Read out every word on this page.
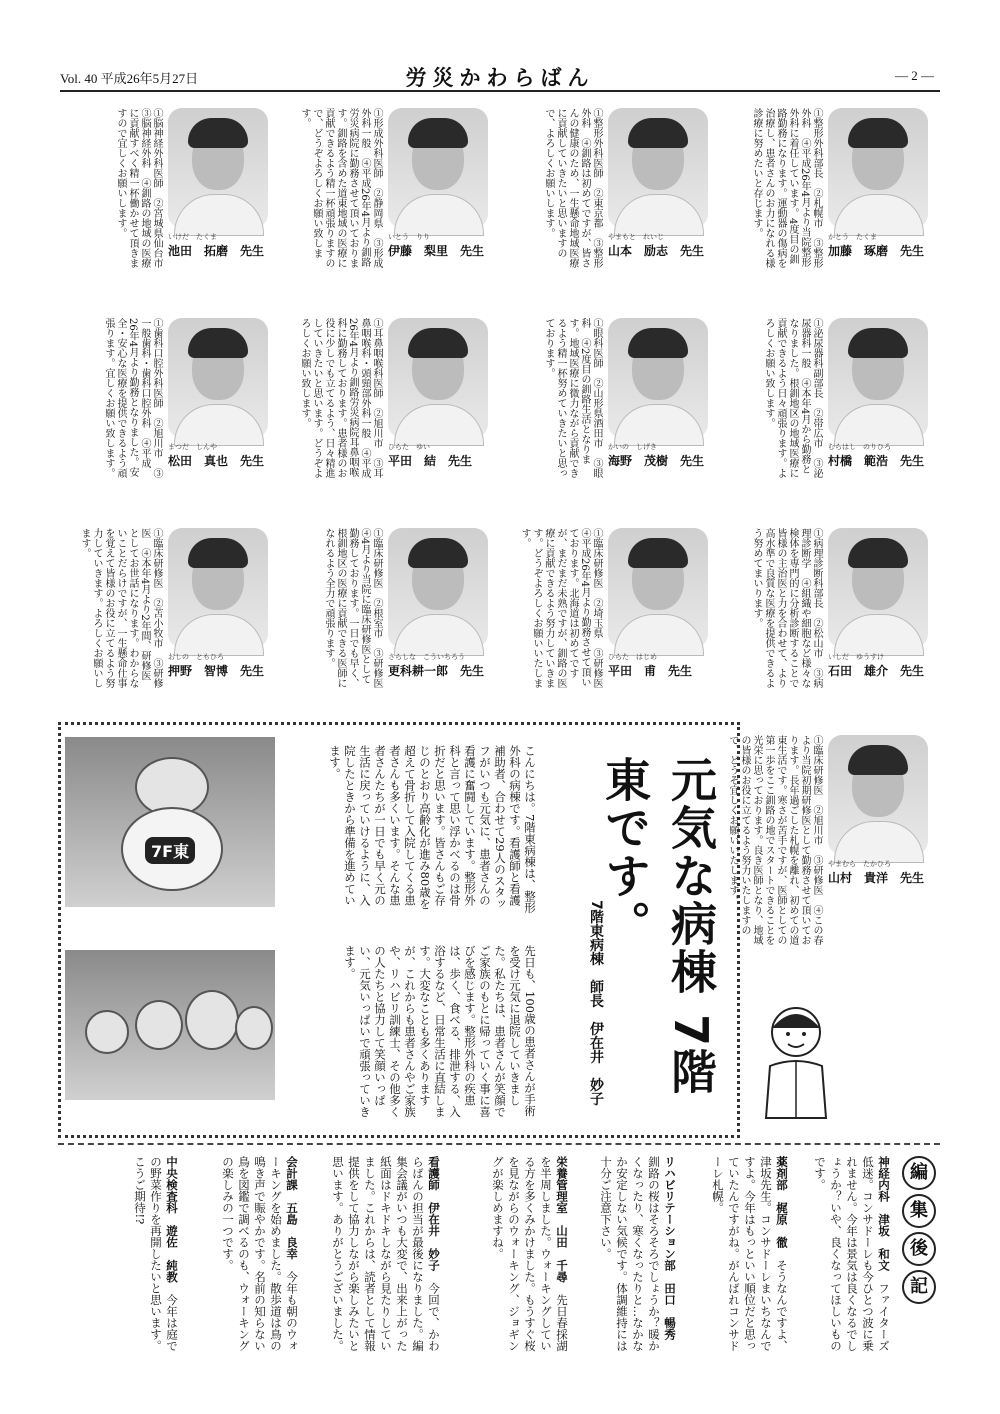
Vol. 40 平成26年5月27日	労災かわらばん	— 2 —
かとう　たくま
加藤　琢磨　先生
①整形外科部長　②札幌市　③整形外科　④平成26年4月より当院整形外科に着任しています。4度目の釧路勤務になります。運動器の傷病を治療し、患者さんのお力になれる様診療に努めたいと存じます。
やまもと　れいじ
山本　励志　先生
①整形外科医師　②東京都　③整形外科　④釧路は初めてですが、皆さんの健康のため、一生懸命地域医療に貢献していきたいと思いますので、よろしくお願いします。
いとう　りり
伊藤　梨里　先生
①形成外科医師　②静岡県　③形成外科一般　④平成26年4月より釧路労災病院に勤務させて頂いております。釧路を含めた道東地域の医療に貢献できるよう精一杯頑張りますので、どうぞよろしくお願い致します。
いけだ　たくま
池田　拓磨　先生
①脳神経外科医師　②宮城県仙台市　③脳神経外科　④釧路の地域の医療に貢献すべく精一杯働かせて頂きますので宜しくお願いします。
むらはし　のりひろ
村橋　範浩　先生
①泌尿器科副部長　②帯広市　③泌尿器科一般　④本年4月から勤務となりました。根釧地区の地域医療に貢献できるよう日々頑張ります。よろしくお願い致します。
かいの　しげき
海野　茂樹　先生
①眼科医師　②山形県酒田市　③眼科　④2度目の釧路生活となります。地域医療に微力ながら貢献できるよう精一杯努めていきたいと思っております。
ひらた　ゆい
平田　結　先生
①耳鼻咽喉科医師　②旭川市　③耳鼻咽喉科・頭頸部外科一般　④平成26年4月より釧路労災病院耳鼻咽喉科に勤務しております。患者様のお役に少しでも立てるよう、日々精進していきたいと思います。どうぞよろしくお願い致します。
まつだ　しんや
松田　真也　先生
①歯科口腔外科医師　②旭川市　③一般歯科・歯科口腔外科　④平成26年4月より勤務となりました。安全・安心な医療を提供できるよう頑張ります。宜しくお願い致します。
いしだ　ゆうすけ
石田　雄介　先生
①病理診断科部長　②松山市　③病理診断学　④組織や細胞など様々な検体を専門的に分析診断することで皆様の主治医と力を合わせて、より高水準で良質な医療を提供できるよう努めてまいります。
ひらた　はじめ
平田　甫　先生
①臨床研修医　②埼玉県　③研修医　④平成26年4月より勤務させて頂いております。北海道は初めてですが、まだまだ未熟ですが、釧路の医療に貢献できるよう努力していきます。どうぞよろしくお願いいたします。
さらしな　こういちろう
更科耕一郎　先生
①臨床研修医　②根室市　③研修医　④4月より当院に臨床研修医として勤務しております。一日でも早く、根釧地区の医療に貢献できる医師になれるよう全力で頑張ります。
おしの　ともひろ
押野　智博　先生
①臨床研修医　②苫小牧市　③研修医　④本年4月より2年間、研修医としてお世話になります。わからないことだらけですが、一生懸命仕事を覚えて皆様のお役に立てるよう努力していきます。よろしくお願いします。
やまむら　たかひろ
山村　貴洋　先生
①臨床研修医　②旭川市　③研修医　④この春より当院初期研修医として勤務させて頂いております。長年過ごした札幌を離れ、初めての道東生活です。寒さが苦手ですが、医師としての第一歩をここ釧路の地でスタートできることを光栄に思っております。良き医師となり、地域の皆様のお役に立てるよう努力いたしますので、どうぞ宜しくお願いいたします。
7F東	こんにちは。7階東病棟は、整形外科の病棟です。看護師と看護補助者、合わせて29人のスタッフがいつも元気に、患者さんの看護に奮闘しています。整形外科と言って思い浮かべるのは骨折だと思います。皆さんもご存じのとおり高齢化が進み80歳を超えて骨折して入院してくる患者さんも多くいます。そんな患者さんたちが一日でも早く元の生活に戻っていけるように、入院したときから準備を進めています。
先日も、100歳の患者さんが手術を受け元気に退院していきました。私たちは、患者さんが笑顔でご家族のもとに帰っていく事に喜びを感じます。整形外科の疾患は、歩く、食べる、排泄する、入浴するなど、日常生活に直結します。大変なことも多くありますが、これからも患者さんやご家族や、リハビリ訓練士、その他多くの人たちと協力して笑顔いっぱい、元気いっぱいで頑張っていきます。	元気な病棟 7階東です。
7階東病棟　師長　伊在井　妙子
編 集 後 記
神経内科　津坂　和文　ファイターズ低迷。コンサドーレも今ひとつ波に乗れません。今年は景気は良くなるでしょうか？いや、良くなってほしいものです。
薬剤部　梶原　徹　そうなんですよ、津坂先生。コンサドーレまいちなんですよ。今年はもっといい順位だと思っていたんですがね。がんばれコンサドーレ札幌。
リハビリテーション部　田口　暢秀　釧路の桜はそろそろでしょうか？暖かくなったり、寒くなったりと…なかなか安定しない気候です。体調維持には十分ご注意下さい。
栄養管理室　山田　千尋　先日春採湖を半周しました。ウォーキングしている方を多くみかけました。もうすぐ桜を見ながらのウォーキング、ジョギングが楽しめますね。
看護師　伊在井　妙子　今回で、かわらばんの担当が最後になりました。編集会議がいつも大変で、出来上がった紙面はドキドキしながら見たりしていました。これからは、読者として情報提供をして協力しながら楽しみたいと思います。ありがとうございました。
会計課　五島　良幸　今年も朝のウォーキングを始めました。散歩道は鳥の鳴き声で賑やかです。名前の知らない鳥を図鑑で調べるのも、ウォーキングの楽しみの一つです。
中央検査科　遊佐　純教　今年は庭での野菜作りを再開したいと思います。こうご期待!?
